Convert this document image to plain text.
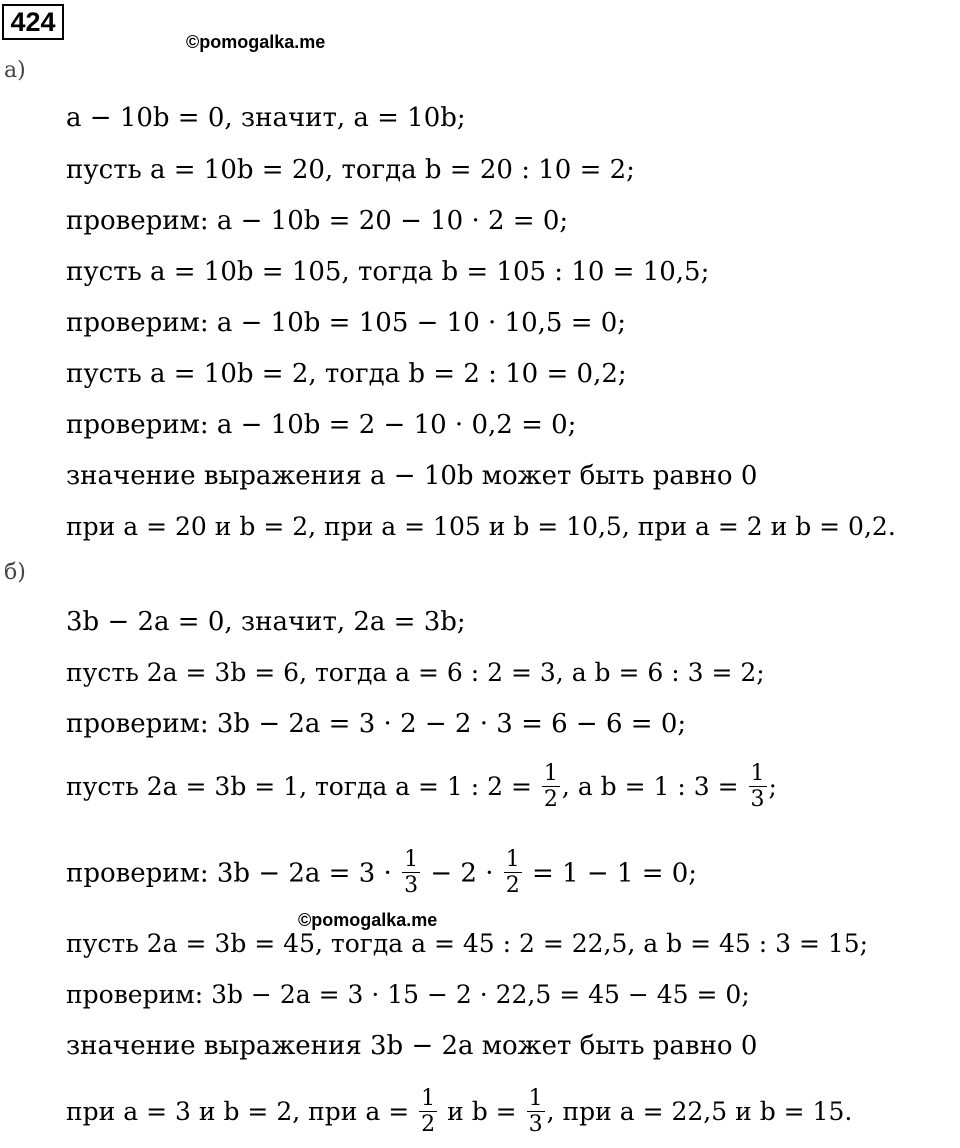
424
©pomogalka.me
а)
a − 10b = 0, значит, a = 10b;
пусть a = 10b = 20, тогда b = 20 : 10 = 2;
проверим: a − 10b = 20 − 10 · 2 = 0;
пусть a = 10b = 105, тогда b = 105 : 10 = 10,5;
проверим: a − 10b = 105 − 10 · 10,5 = 0;
пусть a = 10b = 2, тогда b = 2 : 10 = 0,2;
проверим: a − 10b = 2 − 10 · 0,2 = 0;
значение выражения a − 10b может быть равно 0
при a = 20 и b = 2, при a = 105 и b = 10,5, при a = 2 и b = 0,2.
б)
3b − 2a = 0, значит, 2a = 3b;
пусть 2a = 3b = 6, тогда a = 6 : 2 = 3, а b = 6 : 3 = 2;
проверим: 3b − 2a = 3 · 2 − 2 · 3 = 6 − 6 = 0;
пусть 2a = 3b = 1, тогда a = 1 : $2 = \frac{1}{2}$ , а b = 1 : $3 = \frac{1}{3}$ ;
проверим: $3b - 2a = 3 \cdot \frac{1}{3} - 2 \cdot \frac{1}{2} = 1 - 1 = 0$;
©pomogalka.me
пусть 2a = 3b = 45, тогда a = 45 : 2 = 22,5, а b = 45 : 3 = 15;
проверим: 3b − 2a = 3 · 15 − 2 · 22,5 = 45 − 45 = 0;
значение выражения 3b − 2a может быть равно 0
при a = 3 и b = 2, при $a = \frac{1}{2}$ и $b = \frac{1}{3}$ , при a = 22,5 и b = 15.
